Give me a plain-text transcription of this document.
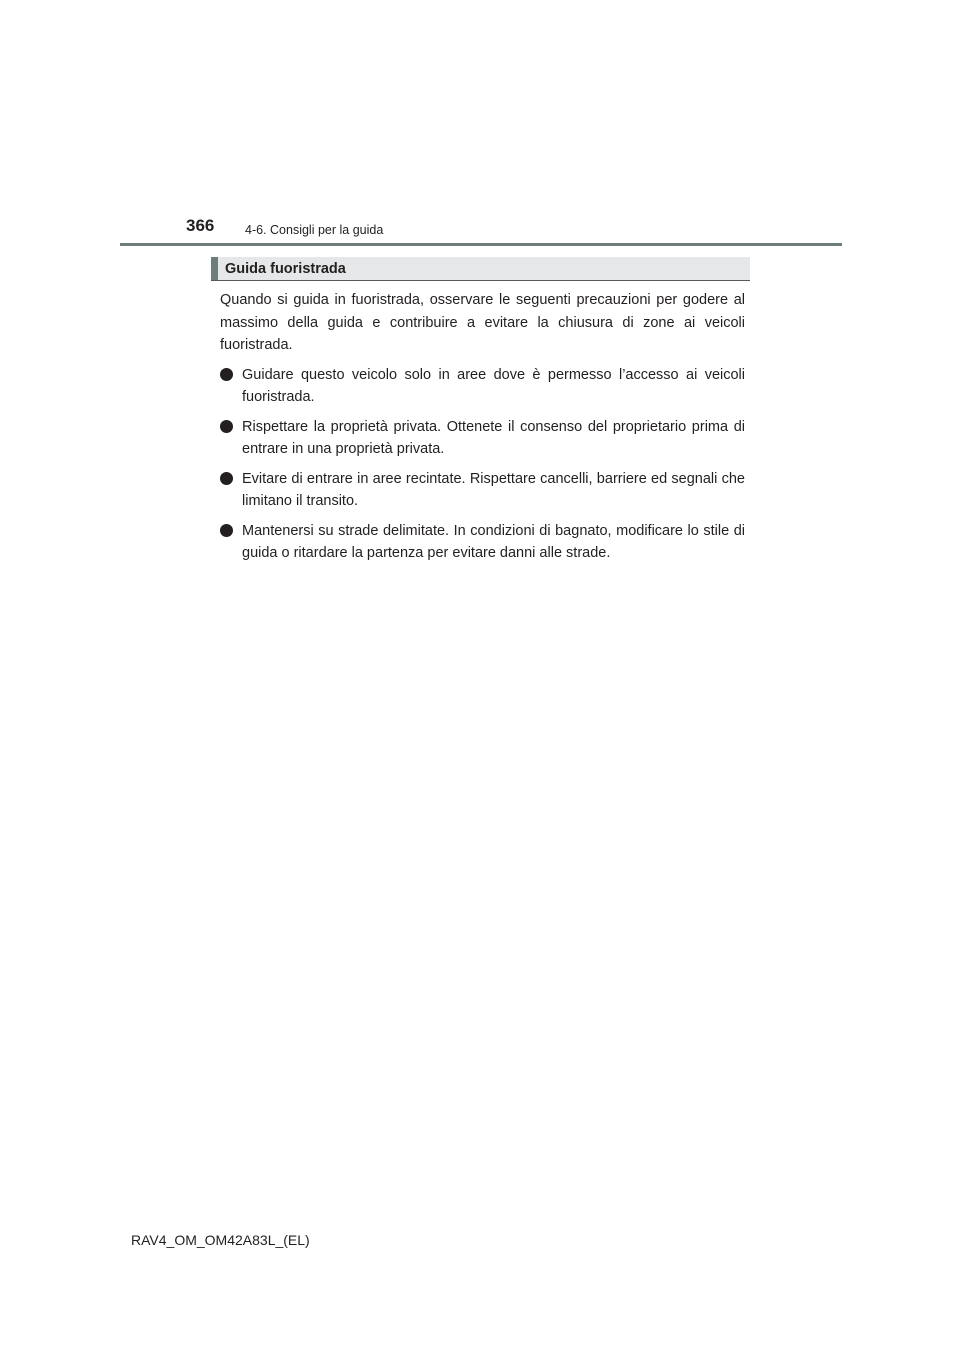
366 4-6. Consigli per la guida
Guida fuoristrada

Quando si guida in fuoristrada, osservare le seguenti precauzioni per godere al massimo della guida e contribuire a evitare la chiusura di zone ai veicoli fuoristrada.

Guidare questo veicolo solo in aree dove è permesso l’accesso ai veicoli fuoristrada.
Rispettare la proprietà privata. Ottenete il consenso del proprietario prima di entrare in una proprietà privata.
Evitare di entrare in aree recintate. Rispettare cancelli, barriere ed segnali che limitano il transito.
Mantenersi su strade delimitate. In condizioni di bagnato, modificare lo stile di guida o ritardare la partenza per evitare danni alle strade.
RAV4_OM_OM42A83L_(EL)
